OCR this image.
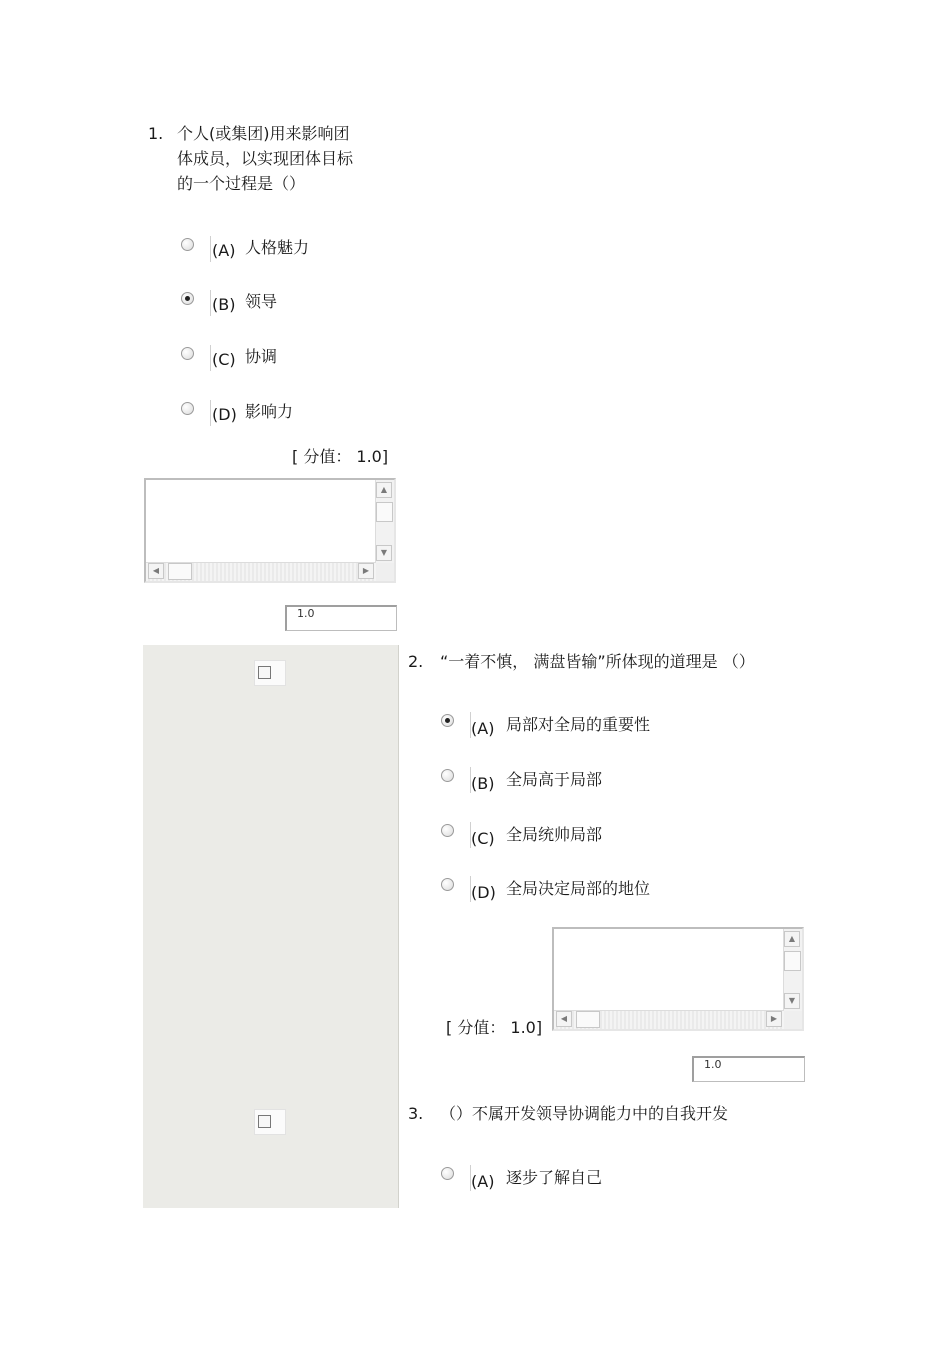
1. 个人(或集团)用来影响团
体成员，以实现团体目标
的一个过程是（）
(A) 人格魅力
(B) 领导
(C) 协调
(D) 影响力
[ 分值： 1.0]
▲
▼
◀	▶
1.0
2. “一着不慎， 满盘皆输”所体现的道理是 （）
(A) 局部对全局的重要性
(B) 全局高于局部
(C) 全局统帅局部
(D) 全局决定局部的地位
▲
▼
◀	▶
[ 分值： 1.0]
1.0
3. （）不属开发领导协调能力中的自我开发
(A) 逐步了解自己
